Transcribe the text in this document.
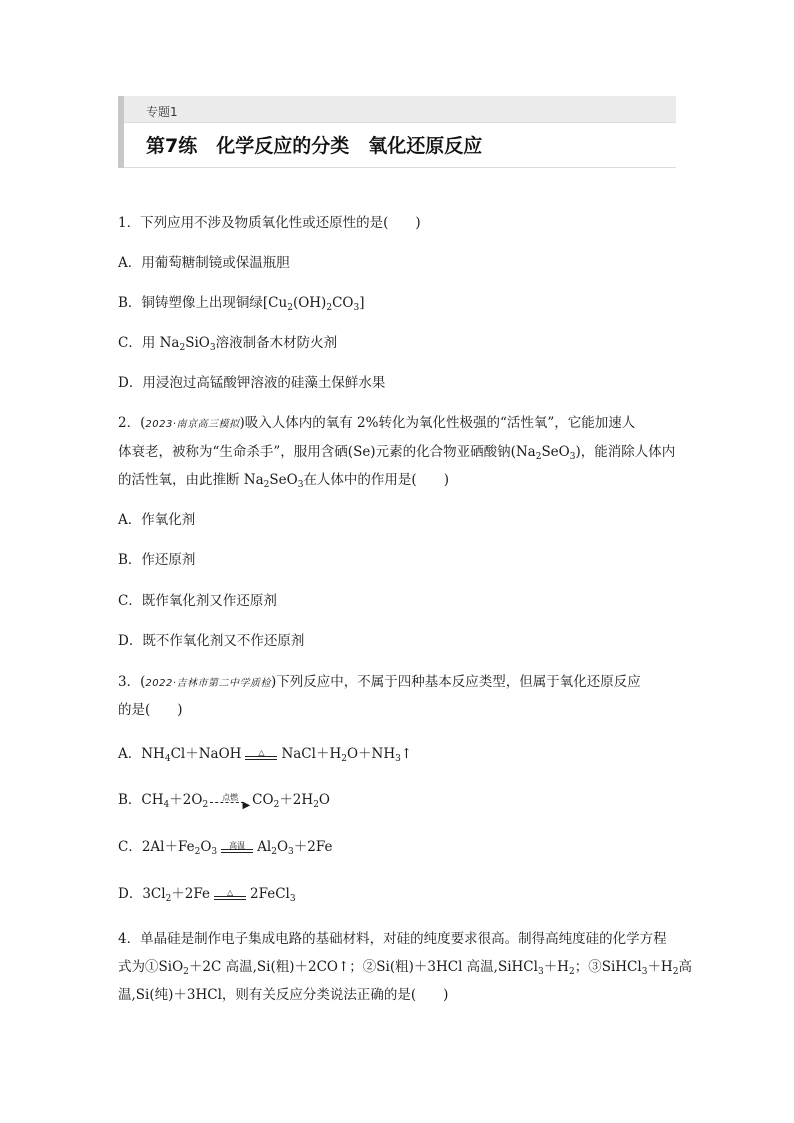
专题1
第7练　化学反应的分类　氧化还原反应
1．下列应用不涉及物质氧化性或还原性的是(　　)
A．用葡萄糖制镜或保温瓶胆
B．铜铸塑像上出现铜绿$[Cu_2(OH)_2CO_3]$
C．用 $Na_2SiO_3$溶液制备木材防火剂
D．用浸泡过高锰酸钾溶液的硅藻土保鲜水果
2．(2023·南京高三模拟)吸入人体内的氧有 2%转化为氧化性极强的“活性氧”，它能加速人
体衰老，被称为“生命杀手”，服用含硒(Se)元素的化合物亚硒酸钠$(Na_2SeO_3)$，能消除人体内
的活性氧，由此推断 $Na_2SeO_3$在人体中的作用是(　　)
A．作氧化剂
B．作还原剂
C．既作氧化剂又作还原剂
D．既不作氧化剂又不作还原剂
3．(2022·吉林市第二中学质检)下列反应中，不属于四种基本反应类型，但属于氧化还原反应
的是(　　)
A．$NH_4Cl+NaOH$	△	$NaCl+H_2O+NH_3↑$
B．$CH_4+2O_2$
点燃
▶ $CO_2+2H_2O$
C．$2Al+Fe_2O_3$
高温 $Al_2O_3+2Fe$
D．$3Cl_2+2Fe$	△	2FeCl$_3$
4．单晶硅是制作电子集成电路的基础材料，对硅的纯度要求很高。制得高纯度硅的化学方程
式为①SiO$_2$＋2C 高温,Si(粗)＋2CO↑；②Si(粗)＋3HCl 高温$,SiHCl_3+H_2$；$③SiHCl_3+H_2$高
温,Si(纯)＋3HCl，则有关反应分类说法正确的是(　　)
